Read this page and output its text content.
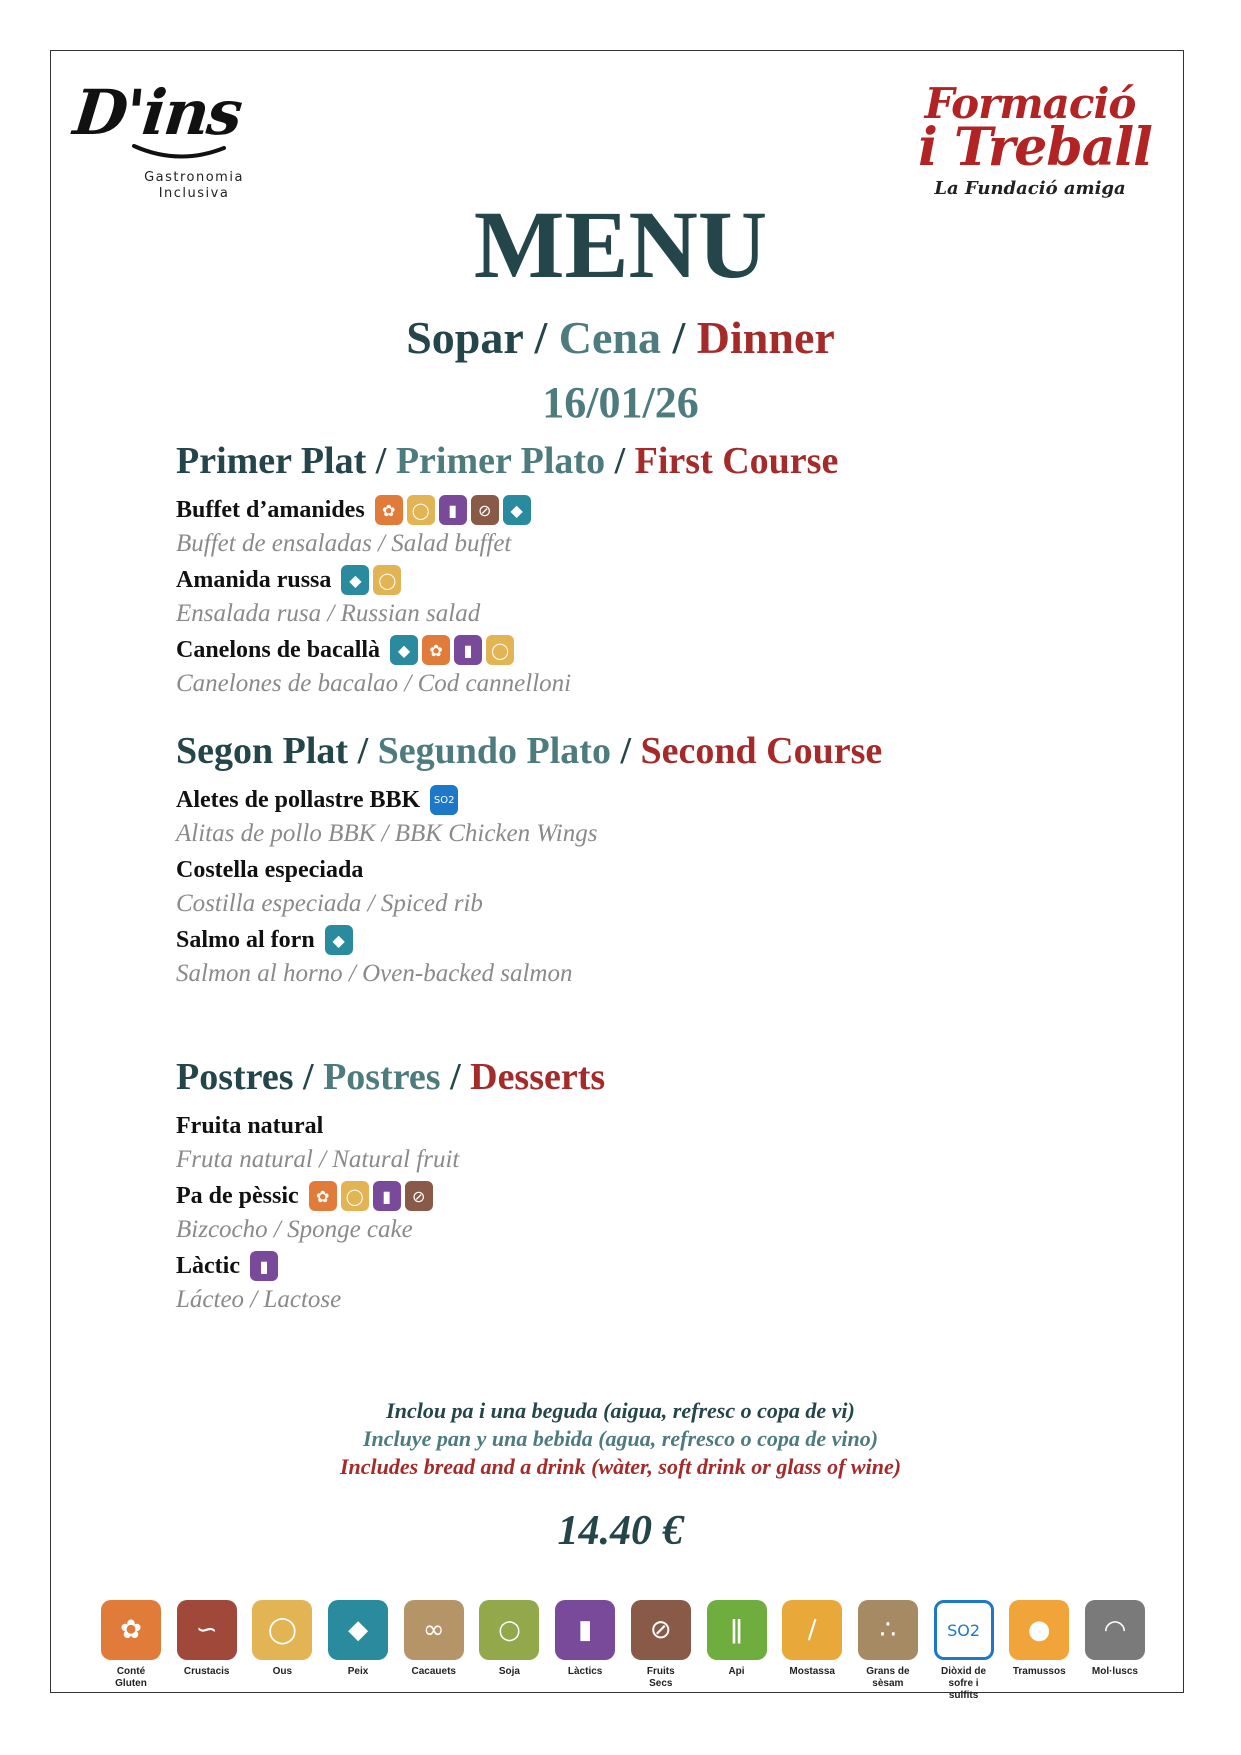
D'ins
Gastronomia Inclusiva
Formació
i Treball
La Fundació amiga
MENU
Sopar / Cena / Dinner
16/01/26
Primer Plat / Primer Plato / First Course
Buffet d’amanides	✿	◯	▮	⊘	◆
Buffet de ensaladas / Salad buffet
Amanida russa	◆	◯
Ensalada rusa / Russian salad
Canelons de bacallà	◆	✿	▮	◯
Canelones de bacalao / Cod cannelloni
Segon Plat / Segundo Plato / Second Course
Aletes de pollastre BBK	SO2
Alitas de pollo BBK / BBK Chicken Wings
Costella especiada
Costilla especiada / Spiced rib
Salmo al forn	◆
Salmon al horno / Oven-backed salmon
Postres / Postres / Desserts
Fruita natural
Fruta natural / Natural fruit
Pa de pèssic	✿	◯	▮	⊘
Bizcocho / Sponge cake
Làctic	▮
Lácteo / Lactose
Inclou pa i una beguda (aigua, refresc o copa de vi)
Incluye pan y una bebida (agua, refresco o copa de vino)
Includes bread and a drink (wàter, soft drink or glass of wine)
14.40 €
✿
Conté
Gluten
∽
Crustacis
◯
Ous
◆
Peix
∞
Cacauets
○
Soja
▮
Làctics
⊘
Fruits
Secs
ǁ
Api
/
Mostassa
∴
Grans de
sèsam
SO2
Diòxid de
sofre i
sulfits
●
Tramussos
◠
Mol·luscs
